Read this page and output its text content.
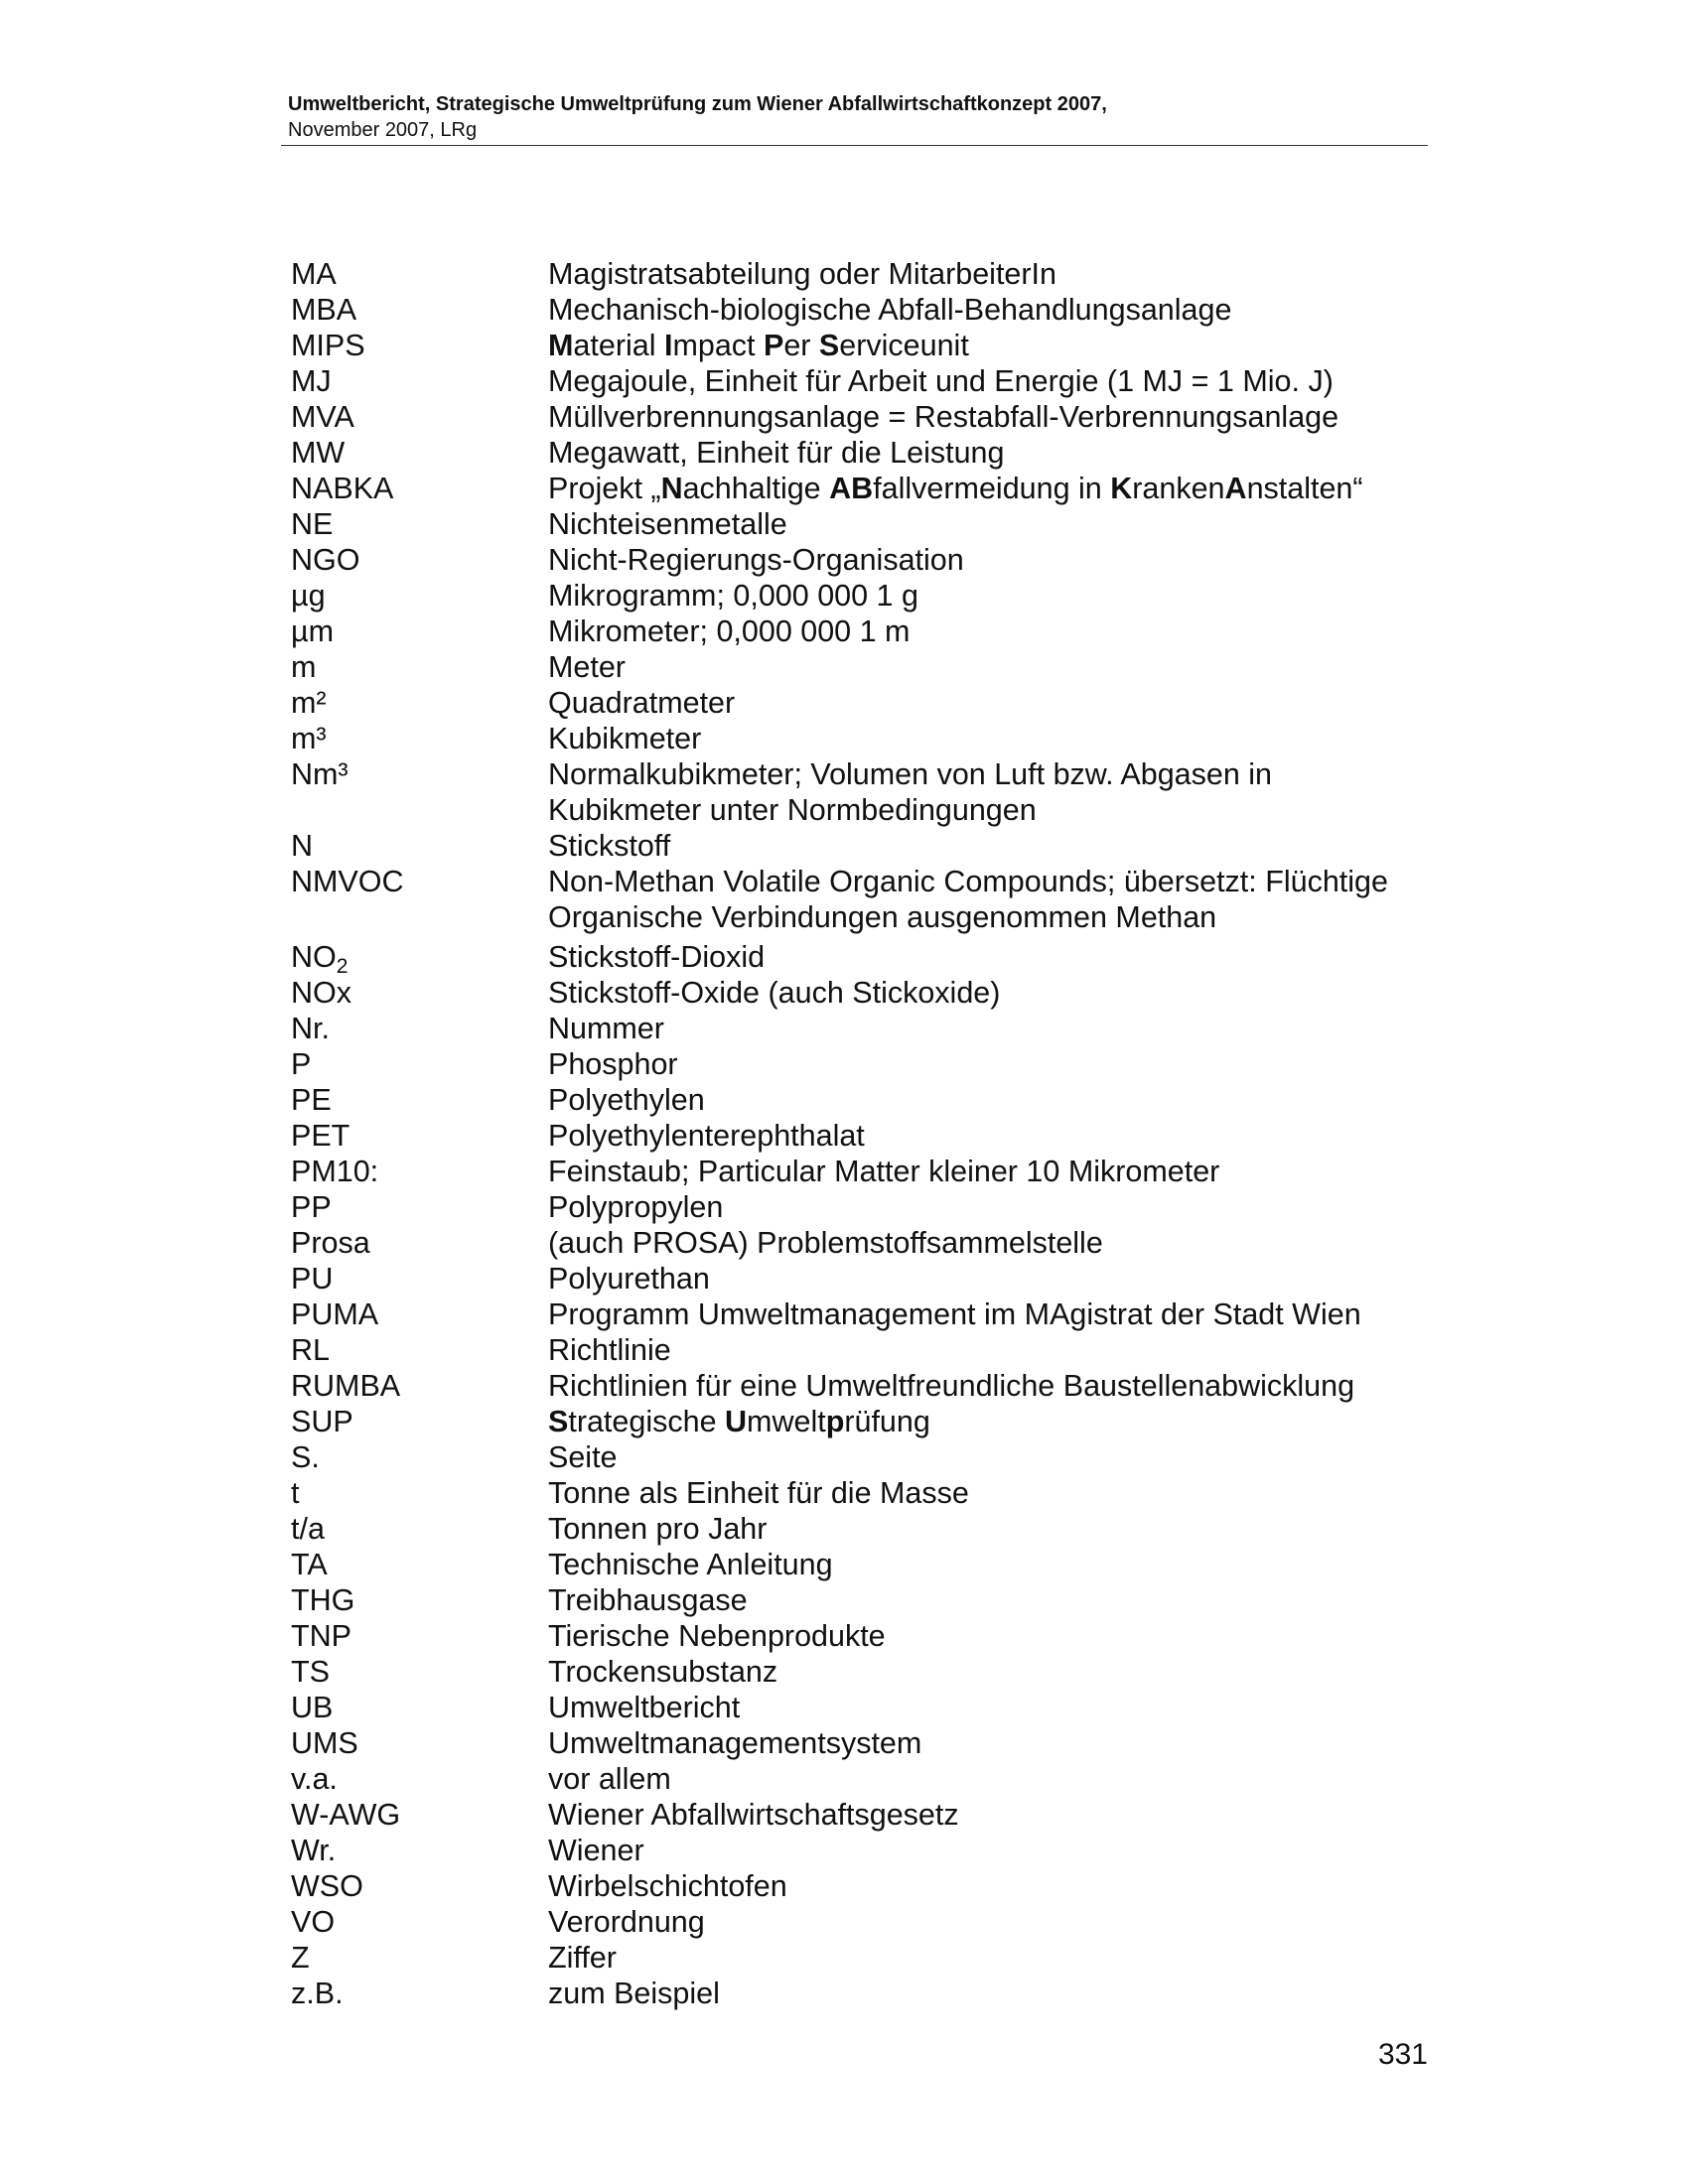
Umweltbericht, Strategische Umweltprüfung zum Wiener Abfallwirtschaftkonzept 2007,
November 2007, LRg
MA	Magistratsabteilung oder MitarbeiterIn
MBA	Mechanisch-biologische Abfall-Behandlungsanlage
MIPS	Material Impact Per Serviceunit
MJ	Megajoule, Einheit für Arbeit und Energie (1 MJ = 1 Mio. J)
MVA	Müllverbrennungsanlage = Restabfall-Verbrennungsanlage
MW	Megawatt, Einheit für die Leistung
NABKA	Projekt „Nachhaltige ABfallvermeidung in KrankenAnstalten“
NE	Nichteisenmetalle
NGO	Nicht-Regierungs-Organisation
µg	Mikrogramm; 0,000 000 1 g
µm	Mikrometer; 0,000 000 1 m
m	Meter
m²	Quadratmeter
m³	Kubikmeter
Nm³	Normalkubikmeter; Volumen von Luft bzw. Abgasen in Kubikmeter unter Normbedingungen
N	Stickstoff
NMVOC	Non-Methan Volatile Organic Compounds; übersetzt: Flüchtige Organische Verbindungen ausgenommen Methan
$NO_2$	Stickstoff-Dioxid
NOx	Stickstoff-Oxide (auch Stickoxide)
Nr.	Nummer
P	Phosphor
PE	Polyethylen
PET	Polyethylenterephthalat
PM10:	Feinstaub; Particular Matter kleiner 10 Mikrometer
PP	Polypropylen
Prosa	(auch PROSA) Problemstoffsammelstelle
PU	Polyurethan
PUMA	Programm Umweltmanagement im MAgistrat der Stadt Wien
RL	Richtlinie
RUMBA	Richtlinien für eine Umweltfreundliche Baustellenabwicklung
SUP	Strategische Umweltprüfung
S.	Seite
t	Tonne als Einheit für die Masse
t/a	Tonnen pro Jahr
TA	Technische Anleitung
THG	Treibhausgase
TNP	Tierische Nebenprodukte
TS	Trockensubstanz
UB	Umweltbericht
UMS	Umweltmanagementsystem
v.a.	vor allem
W-AWG	Wiener Abfallwirtschaftsgesetz
Wr.	Wiener
WSO	Wirbelschichtofen
VO	Verordnung
Z	Ziffer
z.B.	zum Beispiel
331
